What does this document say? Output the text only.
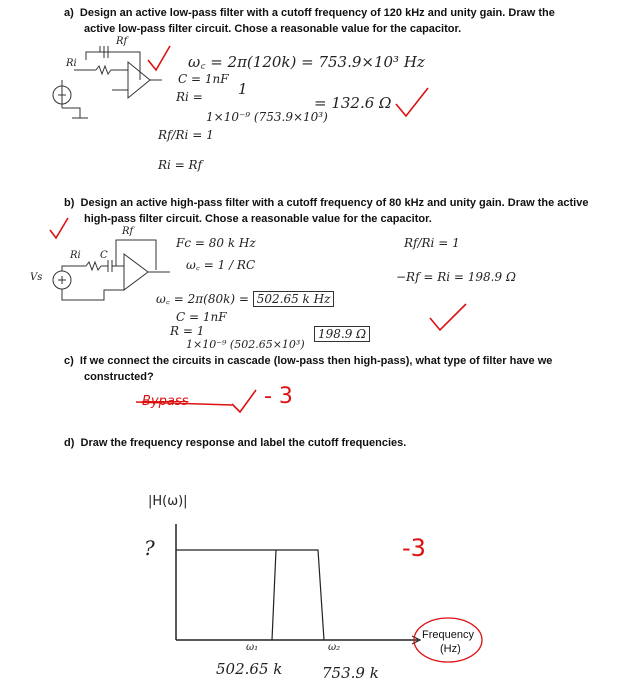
a) Design an active low-pass filter with a cutoff frequency of 120 kHz and unity gain. Draw the
active low-pass filter circuit. Chose a reasonable value for the capacitor.
b) Design an active high-pass filter with a cutoff frequency of 80 kHz and unity gain. Draw the active
high-pass filter circuit. Chose a reasonable value for the capacitor.
c) If we connect the circuits in cascade (low-pass then high-pass), what type of filter have we
constructed?
d) Draw the frequency response and label the cutoff frequencies.
Rf
Ri	ω꜀ = 2π(120k) = 753.9×10³ Hz
C = 1nF
Ri = 1
1×10⁻⁹ (753.9×10³)
= 132.6 Ω
Rf/Ri = 1
Ri = Rf
Rf
Ri C
Vs
Fc = 80 k Hz
ω꜀ = 1 / RC
ω꜀ = 2π(80k) = 502.65 k Hz
C = 1nF
R = 1
1×10⁻⁹ (502.65×10³)
198.9 Ω
Rf/Ri = 1
−Rf = Ri = 198.9 Ω
Bypass	- 3
|H(ω)|
?	-3
Frequency
(Hz)
ω₁	ω₂
502.65 k	753.9 k
